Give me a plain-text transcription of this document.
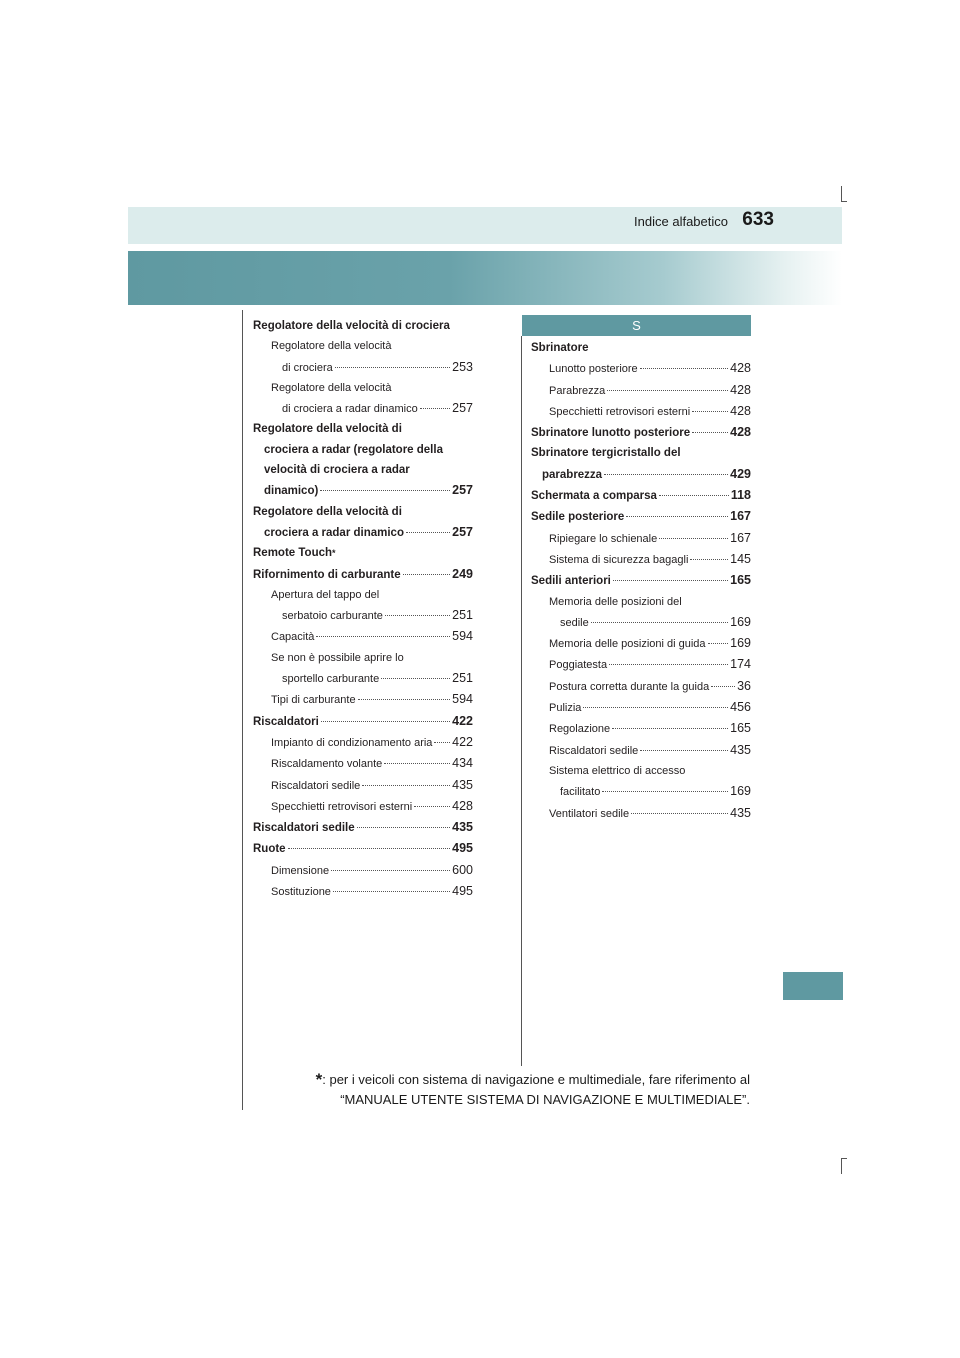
Indice alfabetico 633
S
Regolatore della velocità di crociera
Regolatore della velocità
di crociera	253
Regolatore della velocità
di crociera a radar dinamico	257
Regolatore della velocità di
crociera a radar (regolatore della
velocità di crociera a radar
dinamico)	257
Regolatore della velocità di
crociera a radar dinamico	257
Remote Touch *
Rifornimento di carburante	249
Apertura del tappo del
serbatoio carburante	251
Capacità	594
Se non è possibile aprire lo
sportello carburante	251
Tipi di carburante	594
Riscaldatori	422
Impianto di condizionamento aria 422
Riscaldamento volante	434
Riscaldatori sedile	435
Specchietti retrovisori esterni	428
Riscaldatori sedile	435
Ruote	495
Dimensione	600
Sostituzione	495
Sbrinatore
Lunotto posteriore	428
Parabrezza	428
Specchietti retrovisori esterni	428
Sbrinatore lunotto posteriore	428
Sbrinatore tergicristallo del
parabrezza	429
Schermata a comparsa	118
Sedile posteriore	167
Ripiegare lo schienale	167
Sistema di sicurezza bagagli	145
Sedili anteriori	165
Memoria delle posizioni del
sedile	169
Memoria delle posizioni di guida 169
Poggiatesta	174
Postura corretta durante la guida 36
Pulizia	456
Regolazione	165
Riscaldatori sedile	435
Sistema elettrico di accesso
facilitato	169
Ventilatori sedile	435
*: per i veicoli con sistema di navigazione e multimediale, fare riferimento al
“MANUALE UTENTE SISTEMA DI NAVIGAZIONE E MULTIMEDIALE”.
